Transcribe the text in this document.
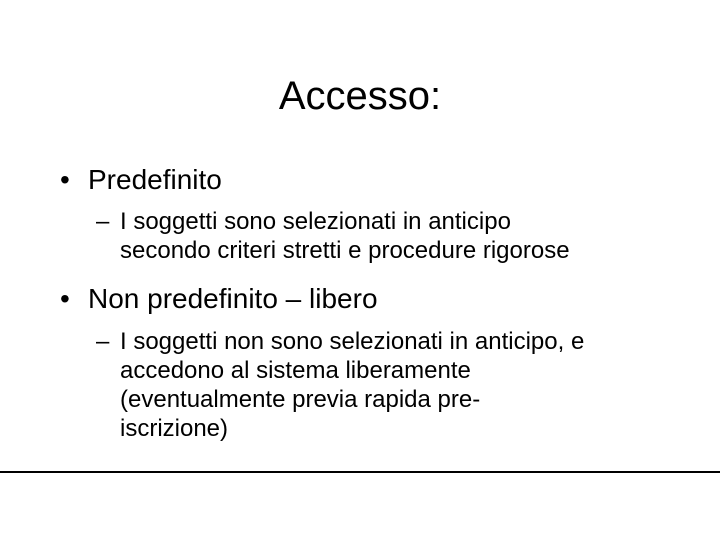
Accesso:
• Predefinito
– I soggetti sono selezionati in anticipo
secondo criteri stretti e procedure rigorose
• Non predefinito – libero
– I soggetti non sono selezionati in anticipo, e
accedono al sistema liberamente
(eventualmente previa rapida pre-
iscrizione)
